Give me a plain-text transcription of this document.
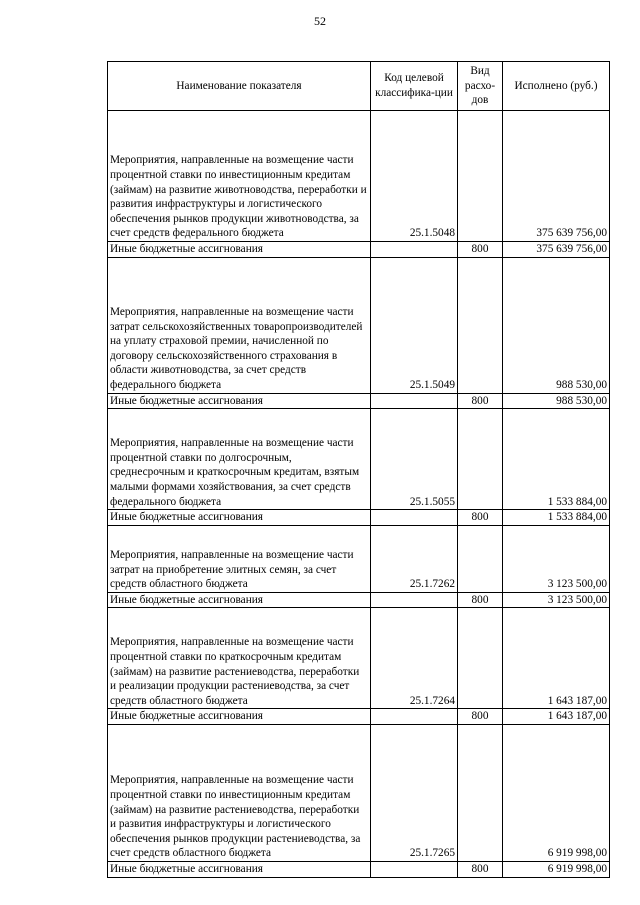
52
Наименование показателя	Код целевой классифика-ции	Вид расхо-дов	Исполнено (руб.)
Мероприятия, направленные на возмещение части процентной ставки по инвестиционным кредитам (займам) на развитие животноводства, переработки и развития инфраструктуры и логистического обеспечения рынков продукции животноводства, за счет средств федерального бюджета	25.1.5048		375 639 756,00
Иные бюджетные ассигнования		800	375 639 756,00
Мероприятия, направленные на возмещение части затрат сельскохозяйственных товаропроизводителей на уплату страховой премии, начисленной по договору сельскохозяйственного страхования в области животноводства, за счет средств федерального бюджета	25.1.5049		988 530,00
Иные бюджетные ассигнования		800	988 530,00
Мероприятия, направленные на возмещение части процентной ставки по долгосрочным, среднесрочным и краткосрочным кредитам, взятым малыми формами хозяйствования, за счет средств федерального бюджета	25.1.5055		1 533 884,00
Иные бюджетные ассигнования		800	1 533 884,00
Мероприятия, направленные на возмещение части затрат на приобретение элитных семян, за счет средств областного бюджета	25.1.7262		3 123 500,00
Иные бюджетные ассигнования		800	3 123 500,00
Мероприятия, направленные на возмещение части процентной ставки по краткосрочным кредитам (займам) на развитие растениеводства, переработки и реализации продукции растениеводства, за счет средств областного бюджета	25.1.7264		1 643 187,00
Иные бюджетные ассигнования		800	1 643 187,00
Мероприятия, направленные на возмещение части процентной ставки по инвестиционным кредитам (займам) на развитие растениеводства, переработки и развития инфраструктуры и логистического обеспечения рынков продукции растениеводства, за счет средств областного бюджета	25.1.7265		6 919 998,00
Иные бюджетные ассигнования		800	6 919 998,00
